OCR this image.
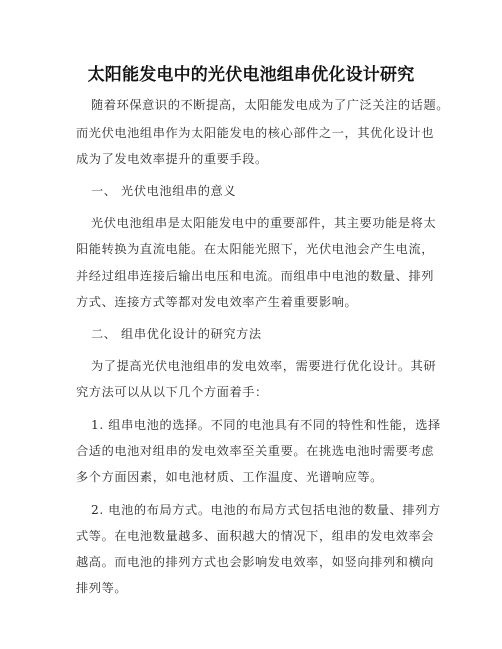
太阳能发电中的光伏电池组串优化设计研究
随着环保意识的不断提高，太阳能发电成为了广泛关注的话题。
而光伏电池组串作为太阳能发电的核心部件之一，其优化设计也
成为了发电效率提升的重要手段。
一、 光伏电池组串的意义
光伏电池组串是太阳能发电中的重要部件，其主要功能是将太
阳能转换为直流电能。在太阳能光照下，光伏电池会产生电流，
并经过组串连接后输出电压和电流。而组串中电池的数量、排列
方式、连接方式等都对发电效率产生着重要影响。
二、 组串优化设计的研究方法
为了提高光伏电池组串的发电效率，需要进行优化设计。其研
究方法可以从以下几个方面着手：
1. 组串电池的选择。不同的电池具有不同的特性和性能，选择
合适的电池对组串的发电效率至关重要。在挑选电池时需要考虑
多个方面因素，如电池材质、工作温度、光谱响应等。
2. 电池的布局方式。电池的布局方式包括电池的数量、排列方
式等。在电池数量越多、面积越大的情况下，组串的发电效率会
越高。而电池的排列方式也会影响发电效率，如竖向排列和横向
排列等。
